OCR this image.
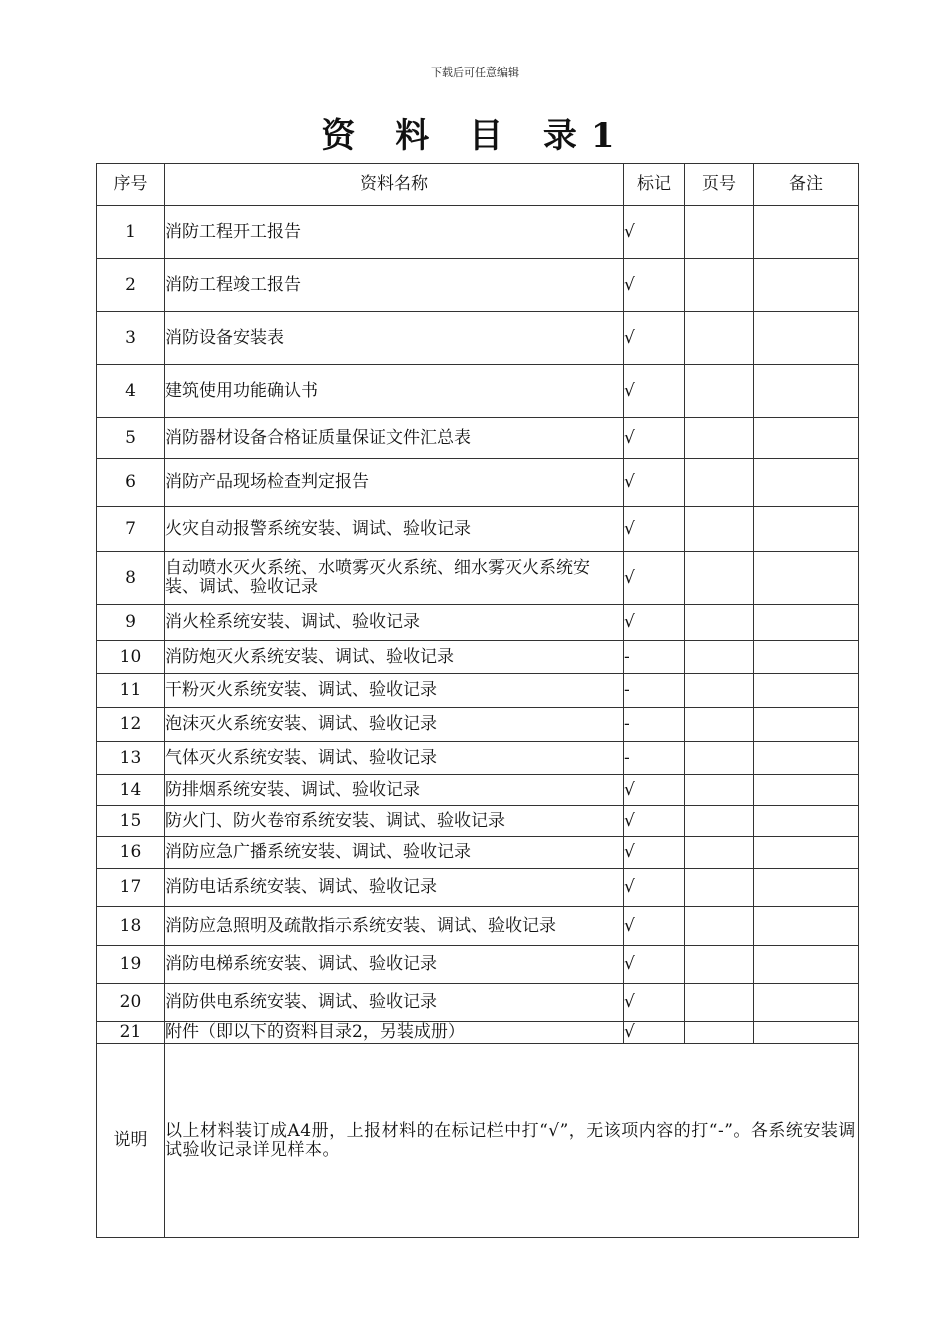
下载后可任意编辑
资 料 目 录1
序号	资料名称	标记	页号	备注
1	消防工程开工报告	√		
2	消防工程竣工报告	√		
3	消防设备安装表	√		
4	建筑使用功能确认书	√		
5	消防器材设备合格证质量保证文件汇总表	√		
6	消防产品现场检查判定报告	√		
7	火灾自动报警系统安装、调试、验收记录	√		
8	自动喷水灭火系统、水喷雾灭火系统、细水雾灭火系统安装、调试、验收记录	√		
9	消火栓系统安装、调试、验收记录	√		
10	消防炮灭火系统安装、调试、验收记录	-		
11	干粉灭火系统安装、调试、验收记录	-		
12	泡沫灭火系统安装、调试、验收记录	-		
13	气体灭火系统安装、调试、验收记录	-		
14	防排烟系统安装、调试、验收记录	√		
15	防火门、防火卷帘系统安装、调试、验收记录	√		
16	消防应急广播系统安装、调试、验收记录	√		
17	消防电话系统安装、调试、验收记录	√		
18	消防应急照明及疏散指示系统安装、调试、验收记录	√		
19	消防电梯系统安装、调试、验收记录	√		
20	消防供电系统安装、调试、验收记录	√		
21	附件（即以下的资料目录2，另装成册）	√		
说明	以上材料装订成A4册，上报材料的在标记栏中打“√”，无该项内容的打“-”。各系统安装调试验收记录详见样本。			
